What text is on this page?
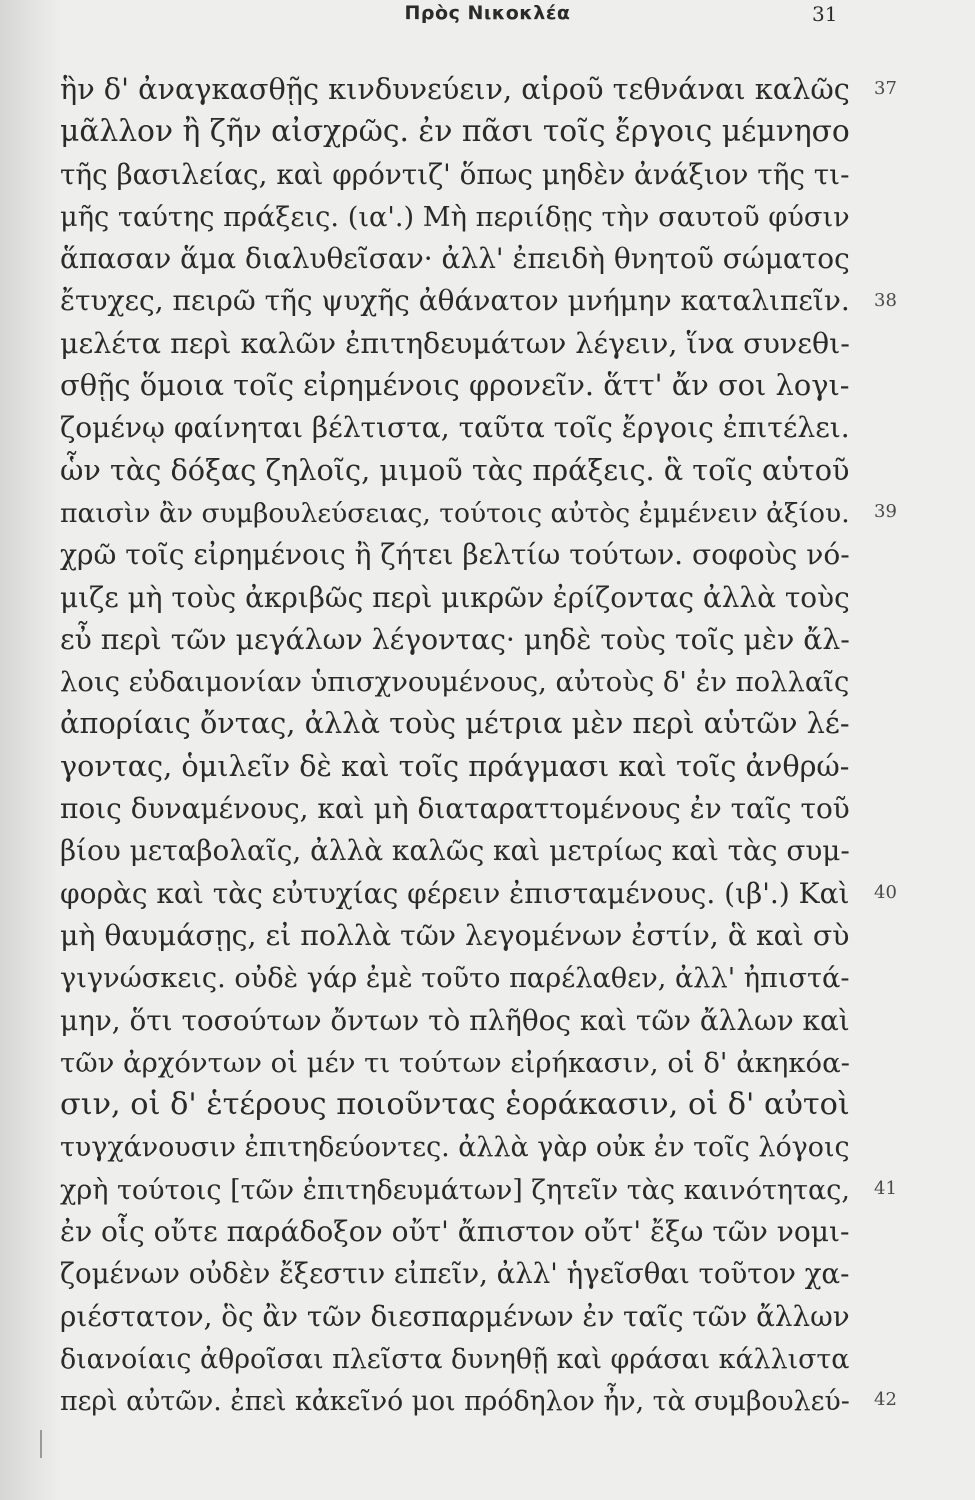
Πρὸς Νικοκλέα	31
ἣν δ' ἀναγκασθῇς κινδυνεύειν, αἱροῦ τεθνάναι καλῶς
μᾶλλον ἢ ζῆν αἰσχρῶς. ἐν πᾶσι τοῖς ἔργοις μέμνησο
τῆς βασιλείας, καὶ φρόντιζ' ὅπως μηδὲν ἀνάξιον τῆς τι-
μῆς ταύτης πράξεις. (ια'.) Μὴ περιίδῃς τὴν σαυτοῦ φύσιν
ἅπασαν ἅμα διαλυθεῖσαν· ἀλλ' ἐπειδὴ θνητοῦ σώματος
ἔτυχες, πειρῶ τῆς ψυχῆς ἀθάνατον μνήμην καταλιπεῖν.
μελέτα περὶ καλῶν ἐπιτηδευμάτων λέγειν, ἵνα συνεθι-
σθῇς ὅμοια τοῖς εἰρημένοις φρονεῖν. ἅττ' ἄν σοι λογι-
ζομένῳ φαίνηται βέλτιστα, ταῦτα τοῖς ἔργοις ἐπιτέλει.
ὧν τὰς δόξας ζηλοῖς, μιμοῦ τὰς πράξεις. ἃ τοῖς αὑτοῦ
παισὶν ἂν συμβουλεύσειας, τούτοις αὐτὸς ἐμμένειν ἀξίου.
χρῶ τοῖς εἰρημένοις ἢ ζήτει βελτίω τούτων. σοφοὺς νό-
μιζε μὴ τοὺς ἀκριβῶς περὶ μικρῶν ἐρίζοντας ἀλλὰ τοὺς
εὖ περὶ τῶν μεγάλων λέγοντας· μηδὲ τοὺς τοῖς μὲν ἄλ-
λοις εὐδαιμονίαν ὑπισχνουμένους, αὐτοὺς δ' ἐν πολλαῖς
ἀπορίαις ὄντας, ἀλλὰ τοὺς μέτρια μὲν περὶ αὑτῶν λέ-
γοντας, ὁμιλεῖν δὲ καὶ τοῖς πράγμασι καὶ τοῖς ἀνθρώ-
ποις δυναμένους, καὶ μὴ διαταραττομένους ἐν ταῖς τοῦ
βίου μεταβολαῖς, ἀλλὰ καλῶς καὶ μετρίως καὶ τὰς συμ-
φορὰς καὶ τὰς εὐτυχίας φέρειν ἐπισταμένους. (ιβ'.) Καὶ
μὴ θαυμάσῃς, εἰ πολλὰ τῶν λεγομένων ἐστίν, ἃ καὶ σὺ
γιγνώσκεις. οὐδὲ γάρ ἐμὲ τοῦτο παρέλαθεν, ἀλλ' ἠπιστά-
μην, ὅτι τοσούτων ὄντων τὸ πλῆθος καὶ τῶν ἄλλων καὶ
τῶν ἀρχόντων οἱ μέν τι τούτων εἰρήκασιν, οἱ δ' ἀκηκόα-
σιν, οἱ δ' ἑτέρους ποιοῦντας ἑοράκασιν, οἱ δ' αὐτοὶ
τυγχάνουσιν ἐπιτηδεύοντες. ἀλλὰ γὰρ οὐκ ἐν τοῖς λόγοις
χρὴ τούτοις [τῶν ἐπιτηδευμάτων] ζητεῖν τὰς καινότητας,
ἐν οἷς οὔτε παράδοξον οὔτ' ἄπιστον οὔτ' ἔξω τῶν νομι-
ζομένων οὐδὲν ἔξεστιν εἰπεῖν, ἀλλ' ἡγεῖσθαι τοῦτον χα-
ριέστατον, ὃς ἂν τῶν διεσπαρμένων ἐν ταῖς τῶν ἄλλων
διανοίαις ἀθροῖσαι πλεῖστα δυνηθῇ καὶ φράσαι κάλλιστα
περὶ αὐτῶν. ἐπεὶ κἀκεῖνό μοι πρόδηλον ἦν, τὰ συμβουλεύ-
37
38
39
40
41
42
